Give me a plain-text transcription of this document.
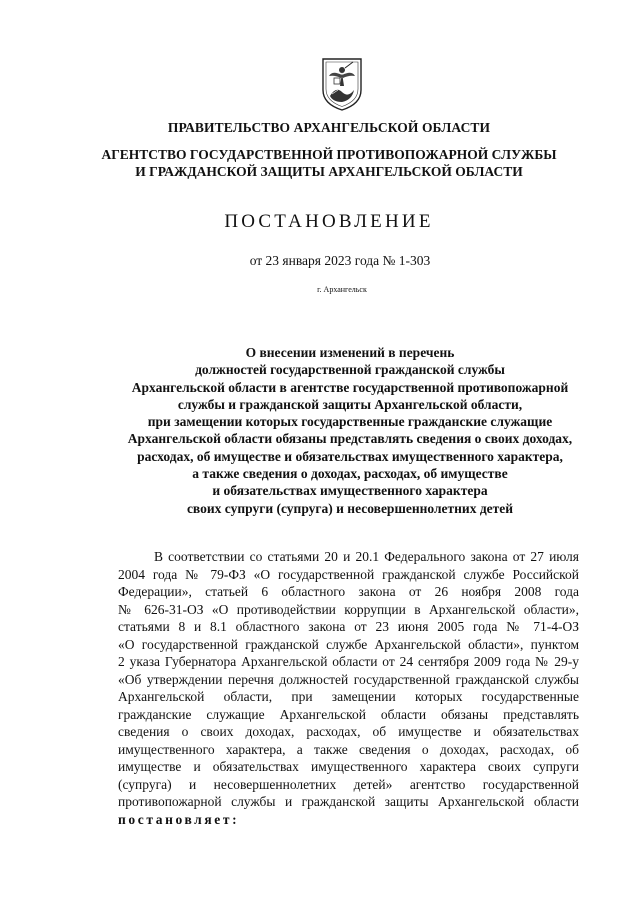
ПРАВИТЕЛЬСТВО АРХАНГЕЛЬСКОЙ ОБЛАСТИ
АГЕНТСТВО ГОСУДАРСТВЕННОЙ ПРОТИВОПОЖАРНОЙ СЛУЖБЫ
И ГРАЖДАНСКОЙ ЗАЩИТЫ АРХАНГЕЛЬСКОЙ ОБЛАСТИ
ПОСТАНОВЛЕНИЕ
от 23 января 2023 года № 1-303
г. Архангельск
О внесении изменений в перечень
должностей государственной гражданской службы
Архангельской области в агентстве государственной противопожарной
службы и гражданской защиты Архангельской области,
при замещении которых государственные гражданские служащие
Архангельской области обязаны представлять сведения о своих доходах,
расходах, об имуществе и обязательствах имущественного характера,
а также сведения о доходах, расходах, об имуществе
и обязательствах имущественного характера
своих супруги (супруга) и несовершеннолетних детей
В соответствии со статьями 20 и 20.1 Федерального закона от 27 июля
2004 года № 79-ФЗ «О государственной гражданской службе Российской
Федерации», статьей 6 областного закона от 26 ноября 2008 года
№ 626-31-ОЗ «О противодействии коррупции в Архангельской области»,
статьями 8 и 8.1 областного закона от 23 июня 2005 года № 71-4-ОЗ
«О государственной гражданской службе Архангельской области», пунктом
2 указа Губернатора Архангельской области от 24 сентября 2009 года № 29-у
«Об утверждении перечня должностей государственной гражданской службы
Архангельской области, при замещении которых государственные
гражданские служащие Архангельской области обязаны представлять
сведения о своих доходах, расходах, об имуществе и обязательствах
имущественного характера, а также сведения о доходах, расходах, об
имуществе и обязательствах имущественного характера своих супруги
(супруга) и несовершеннолетних детей» агентство государственной
противопожарной службы и гражданской защиты Архангельской области
постановляет:
